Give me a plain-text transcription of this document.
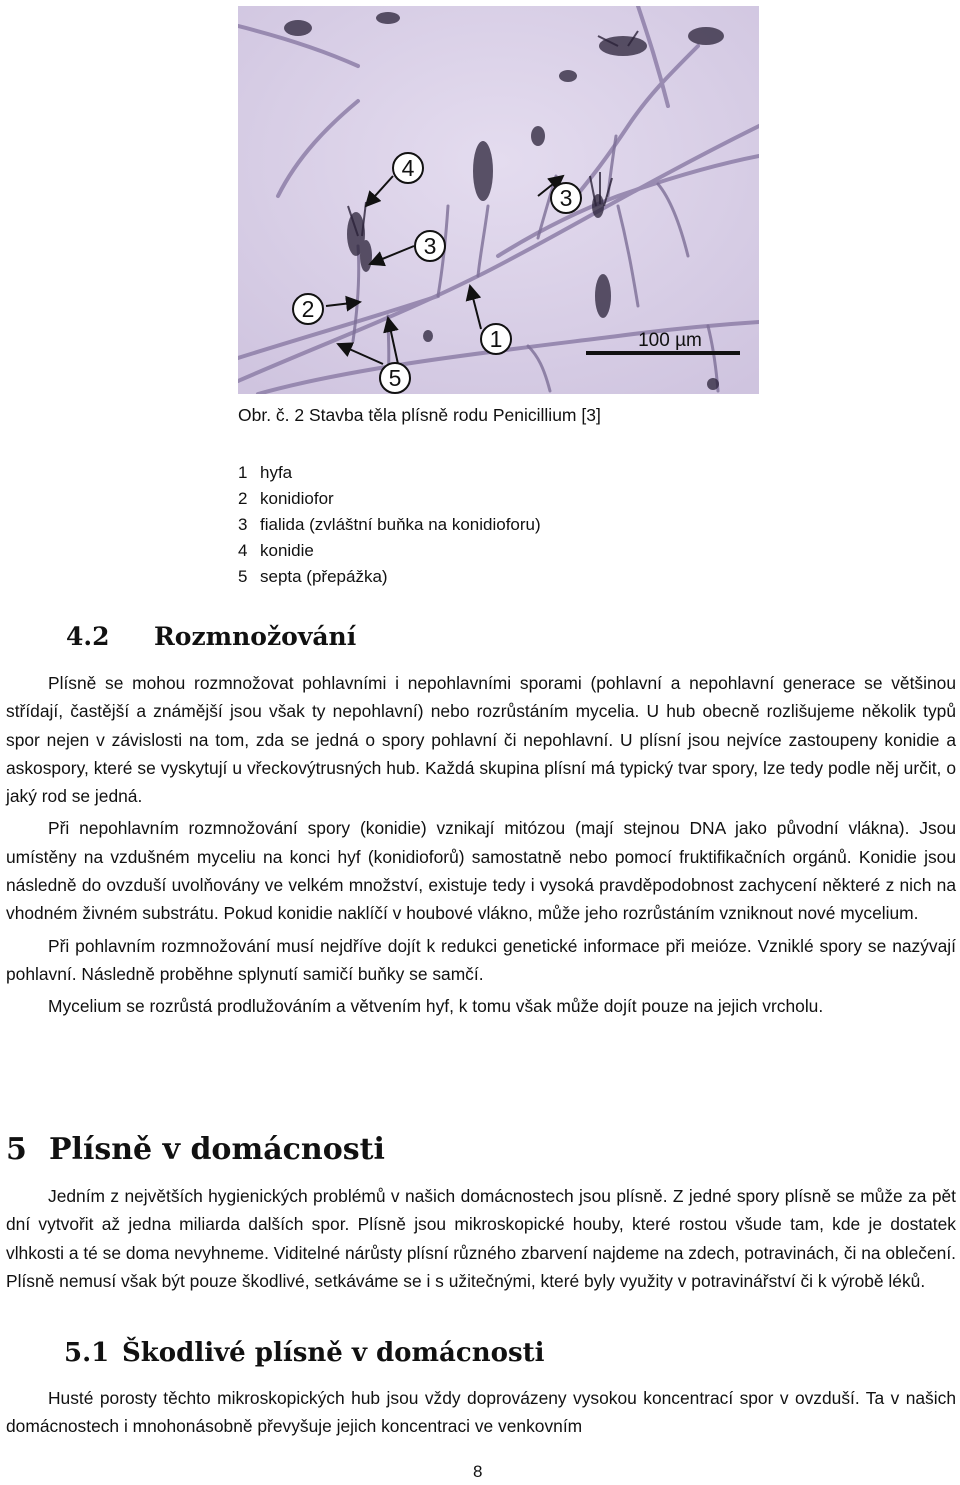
4
3
3
2
1
5
100 µm
Obr. č. 2 Stavba těla plísně rodu Penicillium [3]
1 hyfa
2 konidiofor
3 fialida (zvláštní buňka na konidioforu)
4 konidie
5 septa (přepážka)
4.2 Rozmnožování

Plísně se mohou rozmnožovat pohlavními i nepohlavními sporami (pohlavní a nepohlavní generace se většinou střídají, častější a známější jsou však ty nepohlavní) nebo rozrůstáním mycelia. U hub obecně rozlišujeme několik typů spor nejen v závislosti na tom, zda se jedná o spory pohlavní či nepohlavní. U plísní jsou nejvíce zastoupeny konidie a askospory, které se vyskytují u vřeckovýtrusných hub. Každá skupina plísní má typický tvar spory, lze tedy podle něj určit, o jaký rod se jedná.

Při nepohlavním rozmnožování spory (konidie) vznikají mitózou (mají stejnou DNA jako původní vlákna). Jsou umístěny na vzdušném myceliu na konci hyf (konidioforů) samostatně nebo pomocí fruktifikačních orgánů. Konidie jsou následně do ovzduší uvolňovány ve velkém množství, existuje tedy i vysoká pravděpodobnost zachycení některé z nich na vhodném živném substrátu. Pokud konidie naklíčí v houbové vlákno, může jeho rozrůstáním vzniknout nové mycelium.

Při pohlavním rozmnožování musí nejdříve dojít k redukci genetické informace při meióze. Vzniklé spory se nazývají pohlavní. Následně proběhne splynutí samičí buňky se samčí.

Mycelium se rozrůstá prodlužováním a větvením hyf, k tomu však může dojít pouze na jejich vrcholu.

5 Plísně v domácnosti

Jedním z největších hygienických problémů v našich domácnostech jsou plísně. Z jedné spory plísně se může za pět dní vytvořit až jedna miliarda dalších spor. Plísně jsou mikroskopické houby, které rostou všude tam, kde je dostatek vlhkosti a té se doma nevyhneme. Viditelné nárůsty plísní různého zbarvení najdeme na zdech, potravinách, či na oblečení. Plísně nemusí však být pouze škodlivé, setkáváme se i s užitečnými, které byly využity v potravinářství či k výrobě léků.

5.1 Škodlivé plísně v domácnosti

Husté porosty těchto mikroskopických hub jsou vždy doprovázeny vysokou koncentrací spor v ovzduší. Ta v našich domácnostech i mnohonásobně převyšuje jejich koncentraci ve venkovním

8
